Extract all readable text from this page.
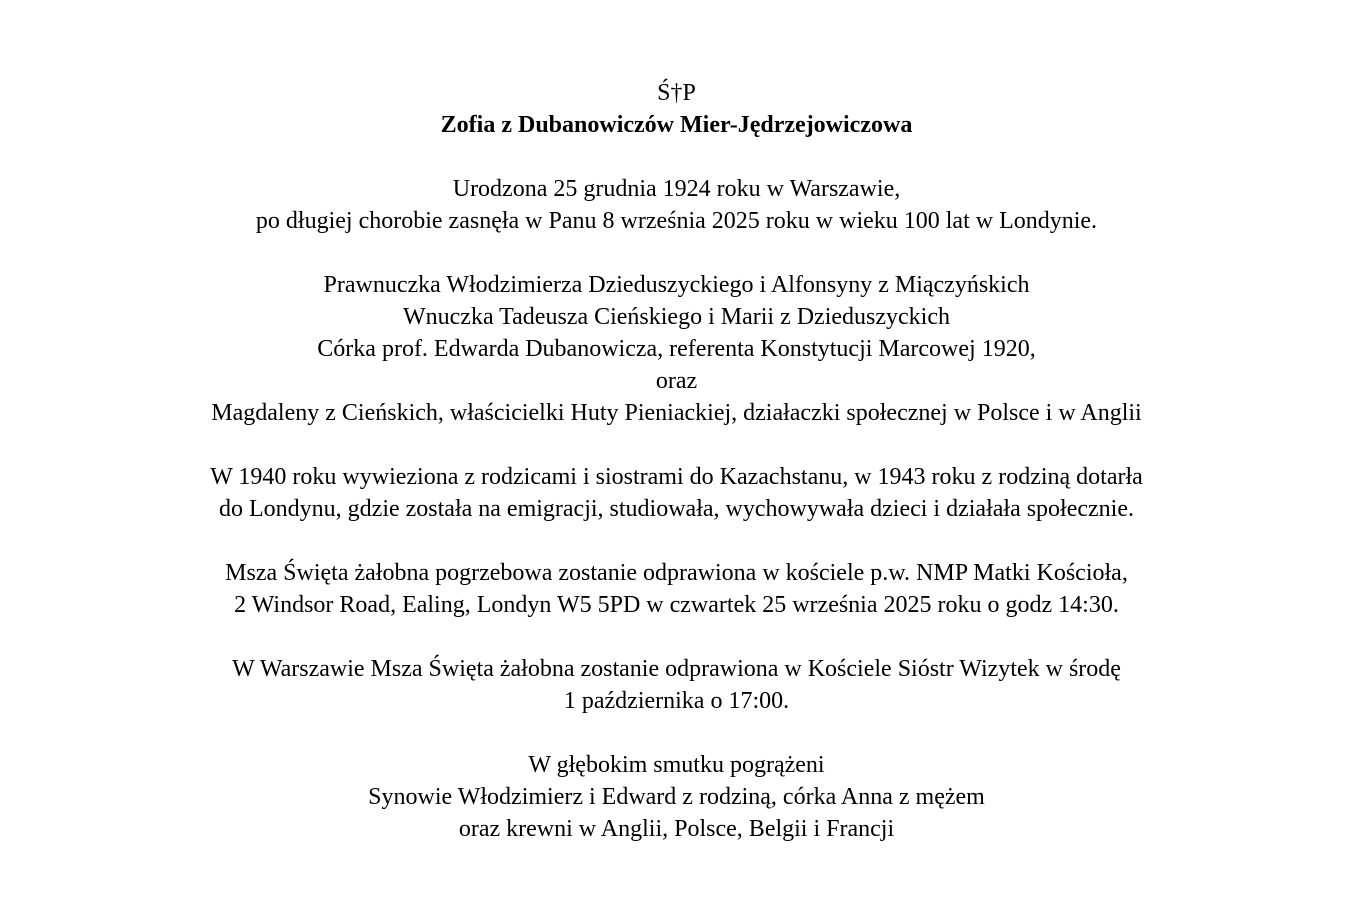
Ś†P
Zofia z Dubanowiczów Mier-Jędrzejowiczowa
Urodzona 25 grudnia 1924 roku w Warszawie,
po długiej chorobie zasnęła w Panu 8 września 2025 roku w wieku 100 lat w Londynie.
Prawnuczka Włodzimierza Dzieduszyckiego i Alfonsyny z Miączyńskich
Wnuczka Tadeusza Cieńskiego i Marii z Dzieduszyckich
Córka prof. Edwarda Dubanowicza, referenta Konstytucji Marcowej 1920,
oraz
Magdaleny z Cieńskich, właścicielki Huty Pieniackiej, działaczki społecznej w Polsce i w Anglii
W 1940 roku wywieziona z rodzicami i siostrami do Kazachstanu, w 1943 roku z rodziną dotarła
do Londynu, gdzie została na emigracji, studiowała, wychowywała dzieci i działała społecznie.
Msza Święta żałobna pogrzebowa zostanie odprawiona w kościele p.w. NMP Matki Kościoła,
2 Windsor Road, Ealing, Londyn W5 5PD w czwartek 25 września 2025 roku o godz 14:30.
W Warszawie Msza Święta żałobna zostanie odprawiona w Kościele Sióstr Wizytek w środę
1 października o 17:00.
W głębokim smutku pogrążeni
Synowie Włodzimierz i Edward z rodziną, córka Anna z mężem
oraz krewni w Anglii, Polsce, Belgii i Francji
